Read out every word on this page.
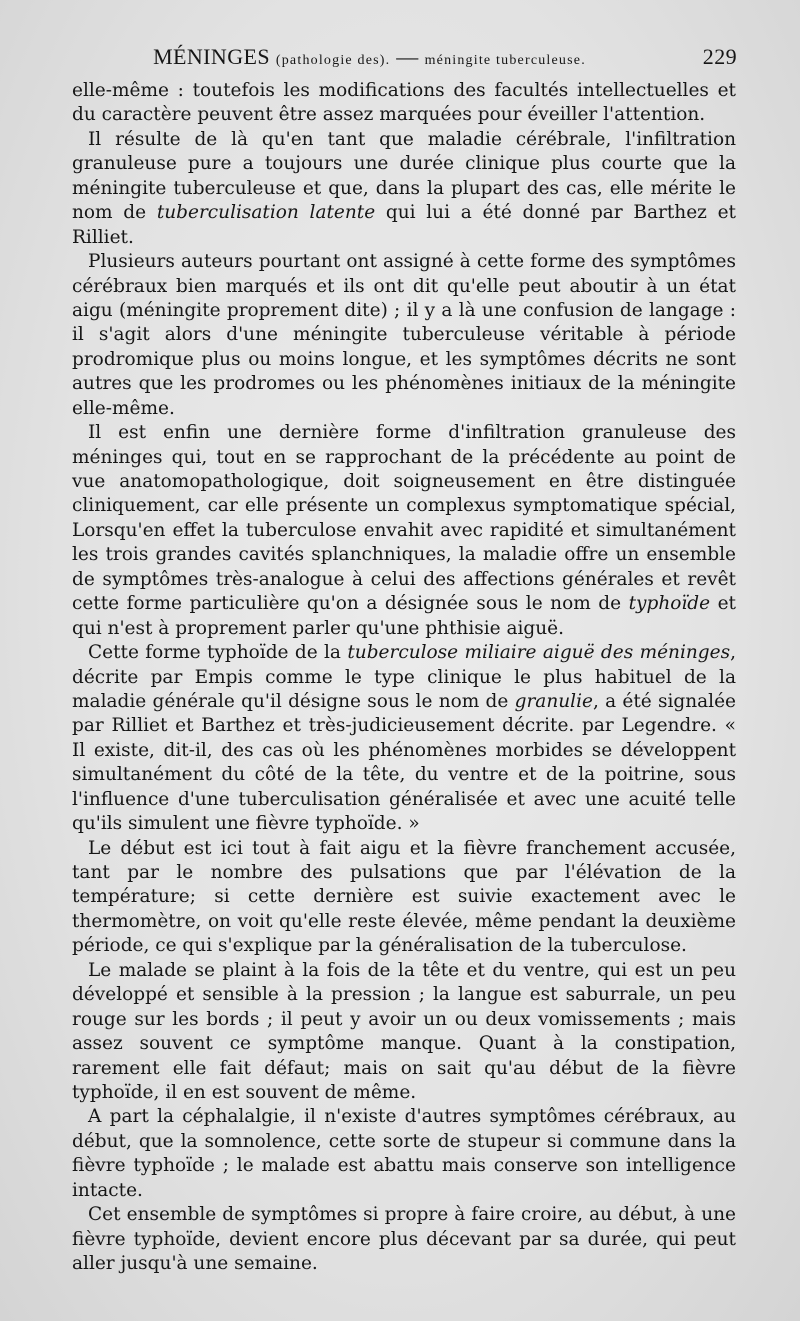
MÉNINGES (pathologie des). — méningite tuberculeuse.	229

elle-même : toutefois les modifications des facultés intellectuelles et du caractère peuvent être assez marquées pour éveiller l'attention.

Il résulte de là qu'en tant que maladie cérébrale, l'infiltration granuleuse pure a toujours une durée clinique plus courte que la méningite tuberculeuse et que, dans la plupart des cas, elle mérite le nom de tuberculisation latente qui lui a été donné par Barthez et Rilliet.

Plusieurs auteurs pourtant ont assigné à cette forme des symptômes cérébraux bien marqués et ils ont dit qu'elle peut aboutir à un état aigu (méningite proprement dite) ; il y a là une confusion de langage : il s'agit alors d'une méningite tuberculeuse véritable à période prodromique plus ou moins longue, et les symptômes décrits ne sont autres que les prodromes ou les phénomènes initiaux de la méningite elle-même.

Il est enfin une dernière forme d'infiltration granuleuse des méninges qui, tout en se rapprochant de la précédente au point de vue anatomopathologique, doit soigneusement en être distinguée cliniquement, car elle présente un complexus symptomatique spécial, Lorsqu'en effet la tuberculose envahit avec rapidité et simultanément les trois grandes cavités splanchniques, la maladie offre un ensemble de symptômes très-analogue à celui des affections générales et revêt cette forme particulière qu'on a désignée sous le nom de typhoïde et qui n'est à proprement parler qu'une phthisie aiguë.

Cette forme typhoïde de la tuberculose miliaire aiguë des méninges, décrite par Empis comme le type clinique le plus habituel de la maladie générale qu'il désigne sous le nom de granulie, a été signalée par Rilliet et Barthez et très-judicieusement décrite. par Legendre. « Il existe, dit-il, des cas où les phénomènes morbides se développent simultanément du côté de la tête, du ventre et de la poitrine, sous l'influence d'une tuberculisation généralisée et avec une acuité telle qu'ils simulent une fièvre typhoïde. »

Le début est ici tout à fait aigu et la fièvre franchement accusée, tant par le nombre des pulsations que par l'élévation de la température; si cette dernière est suivie exactement avec le thermomètre, on voit qu'elle reste élevée, même pendant la deuxième période, ce qui s'explique par la généralisation de la tuberculose.

Le malade se plaint à la fois de la tête et du ventre, qui est un peu développé et sensible à la pression ; la langue est saburrale, un peu rouge sur les bords ; il peut y avoir un ou deux vomissements ; mais assez souvent ce symptôme manque. Quant à la constipation, rarement elle fait défaut; mais on sait qu'au début de la fièvre typhoïde, il en est souvent de même.

A part la céphalalgie, il n'existe d'autres symptômes cérébraux, au début, que la somnolence, cette sorte de stupeur si commune dans la fièvre typhoïde ; le malade est abattu mais conserve son intelligence intacte.

Cet ensemble de symptômes si propre à faire croire, au début, à une fièvre typhoïde, devient encore plus décevant par sa durée, qui peut aller jusqu'à une semaine.
